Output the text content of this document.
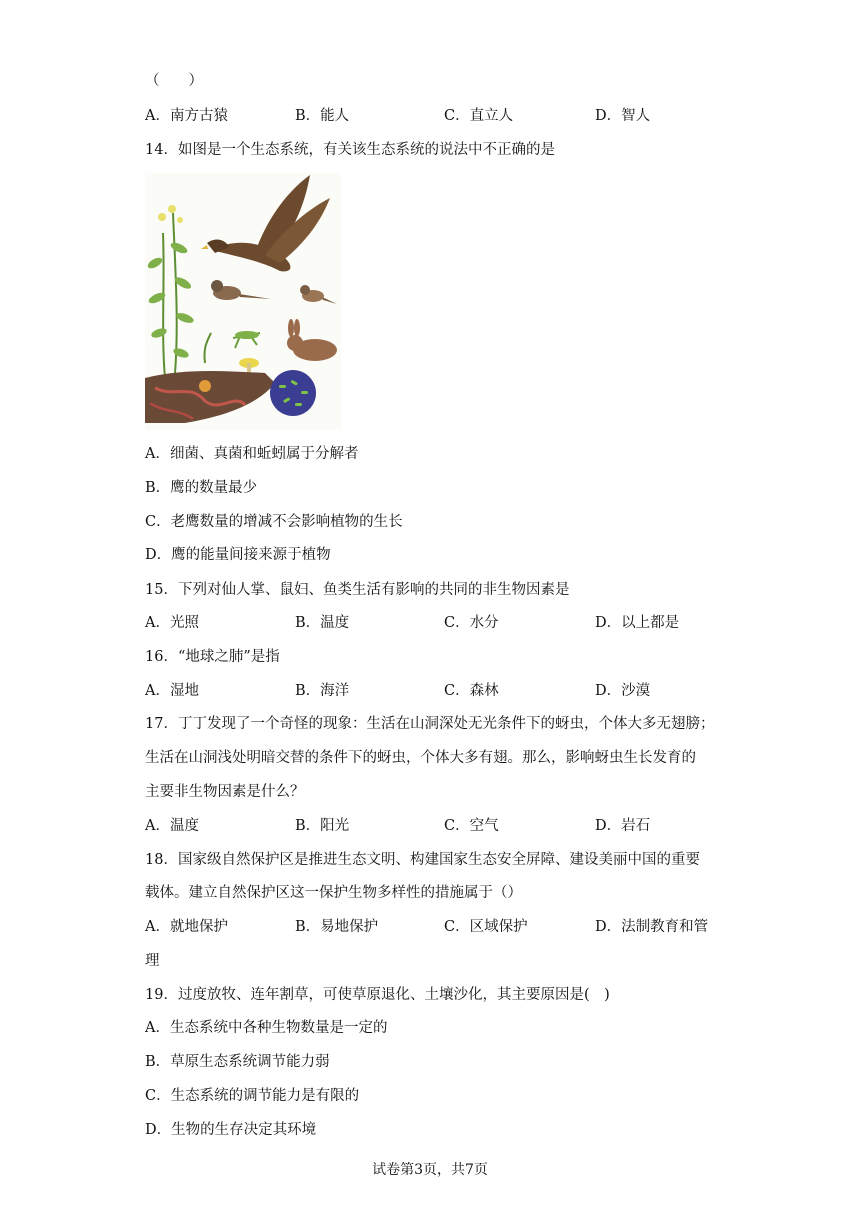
（　　）
A．南方古猿	B．能人	C．直立人	D．智人
14．如图是一个生态系统，有关该生态系统的说法中不正确的是
A．细菌、真菌和蚯蚓属于分解者
B．鹰的数量最少
C．老鹰数量的增减不会影响植物的生长
D．鹰的能量间接来源于植物
15．下列对仙人掌、鼠妇、鱼类生活有影响的共同的非生物因素是
A．光照	B．温度	C．水分	D．以上都是
16．“地球之肺”是指
A．湿地	B．海洋	C．森林	D．沙漠
17．丁丁发现了一个奇怪的现象：生活在山洞深处无光条件下的蚜虫，个体大多无翅膀；
生活在山洞浅处明暗交替的条件下的蚜虫，个体大多有翅。那么，影响蚜虫生长发育的
主要非生物因素是什么？
A．温度	B．阳光	C．空气	D．岩石
18．国家级自然保护区是推进生态文明、构建国家生态安全屏障、建设美丽中国的重要
载体。建立自然保护区这一保护生物多样性的措施属于（）
A．就地保护	B．易地保护	C．区域保护	D．法制教育和管
理
19．过度放牧、连年割草，可使草原退化、土壤沙化，其主要原因是(　)
A．生态系统中各种生物数量是一定的
B．草原生态系统调节能力弱
C．生态系统的调节能力是有限的
D．生物的生存决定其环境
试卷第3页，共7页
